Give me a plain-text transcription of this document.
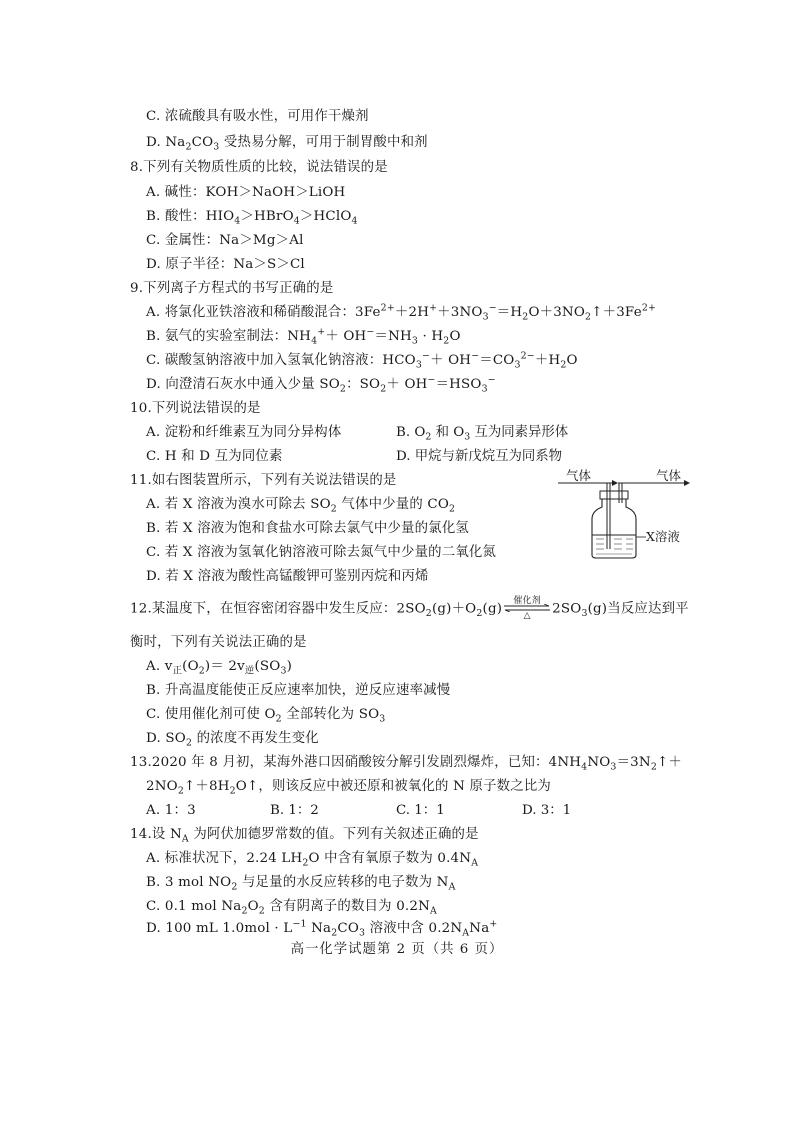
C. 浓硫酸具有吸水性，可用作干燥剂
D. $Na_2CO_3$ 受热易分解，可用于制胃酸中和剂
8.下列有关物质性质的比较，说法错误的是
A. 碱性：KOH＞NaOH＞LiOH
B. 酸性：$HIO_4>HBrO_4>HClO_4$
C. 金属性：Na＞Mg＞Al
D. 原子半径：Na＞S＞Cl
9.下列离子方程式的书写正确的是
A. 将氯化亚铁溶液和稀硝酸混合：$3Fe^{2+}+2H^++3NO_3^-=H_2O+3NO_2↑+3Fe^{2+}$
B. 氨气的实验室制法：$NH_4^++ OH^-=NH_3 \cdot H_2O$
C. 碳酸氢钠溶液中加入氢氧化钠溶液：$HCO_3^-+ OH^-=CO_3^{2-}+H_2O$
D. 向澄清石灰水中通入少量 $SO_2$：$SO_2+ OH^-=HSO_3^-$
10.下列说法错误的是
A. 淀粉和纤维素互为同分异构体	B. $O_2$ 和 $O_3$ 互为同素异形体
C. H 和 D 互为同位素	D. 甲烷与新戊烷互为同系物
11.如右图装置所示，下列有关说法错误的是
A. 若 X 溶液为溴水可除去 $SO_2$ 气体中少量的 $CO_2$
B. 若 X 溶液为饱和食盐水可除去氯气中少量的氯化氢
C. 若 X 溶液为氢氧化钠溶液可除去氮气中少量的二氧化氮
D. 若 X 溶液为酸性高锰酸钾可鉴别丙烷和丙烯
气体	气体
X溶液
12.某温度下，在恒容密闭容器中发生反应：$2SO_2(g)+O_2(g)$
催化剂
△	$2SO_3(g)$当反应达到平
衡时，下列有关说法正确的是
A. $v_正(O_2)= 2v_逆(SO_3)$
B. 升高温度能使正反应速率加快，逆反应速率减慢
C. 使用催化剂可使 $O_2$ 全部转化为 $SO_3$
D. $SO_2$ 的浓度不再发生变化
13.2020 年 8 月初，某海外港口因硝酸铵分解引发剧烈爆炸，已知：$4NH_4NO_3=3N_2↑+$
$2NO_2↑+8H_2O↑$，则该反应中被还原和被氧化的 N 原子数之比为
A. 1：3	B. 1：2	C. 1：1	D. 3：1
14.设 $N_A$ 为阿伏加德罗常数的值。下列有关叙述正确的是
A. 标准状况下，2.24 $LH_2O$ 中含有氧原子数为 $0.4N_A$
B. 3 mol $NO_2$ 与足量的水反应转移的电子数为 $N_A$
C. 0.1 mol $Na_2O_2$ 含有阴离子的数目为 $0.2N_A$
D. 100 mL $1.0mol \cdot L^{-1}$ $Na_2CO_3$ 溶液中含 $0.2N_ANa^+$
高一化学试题第 2 页（共 6 页）
